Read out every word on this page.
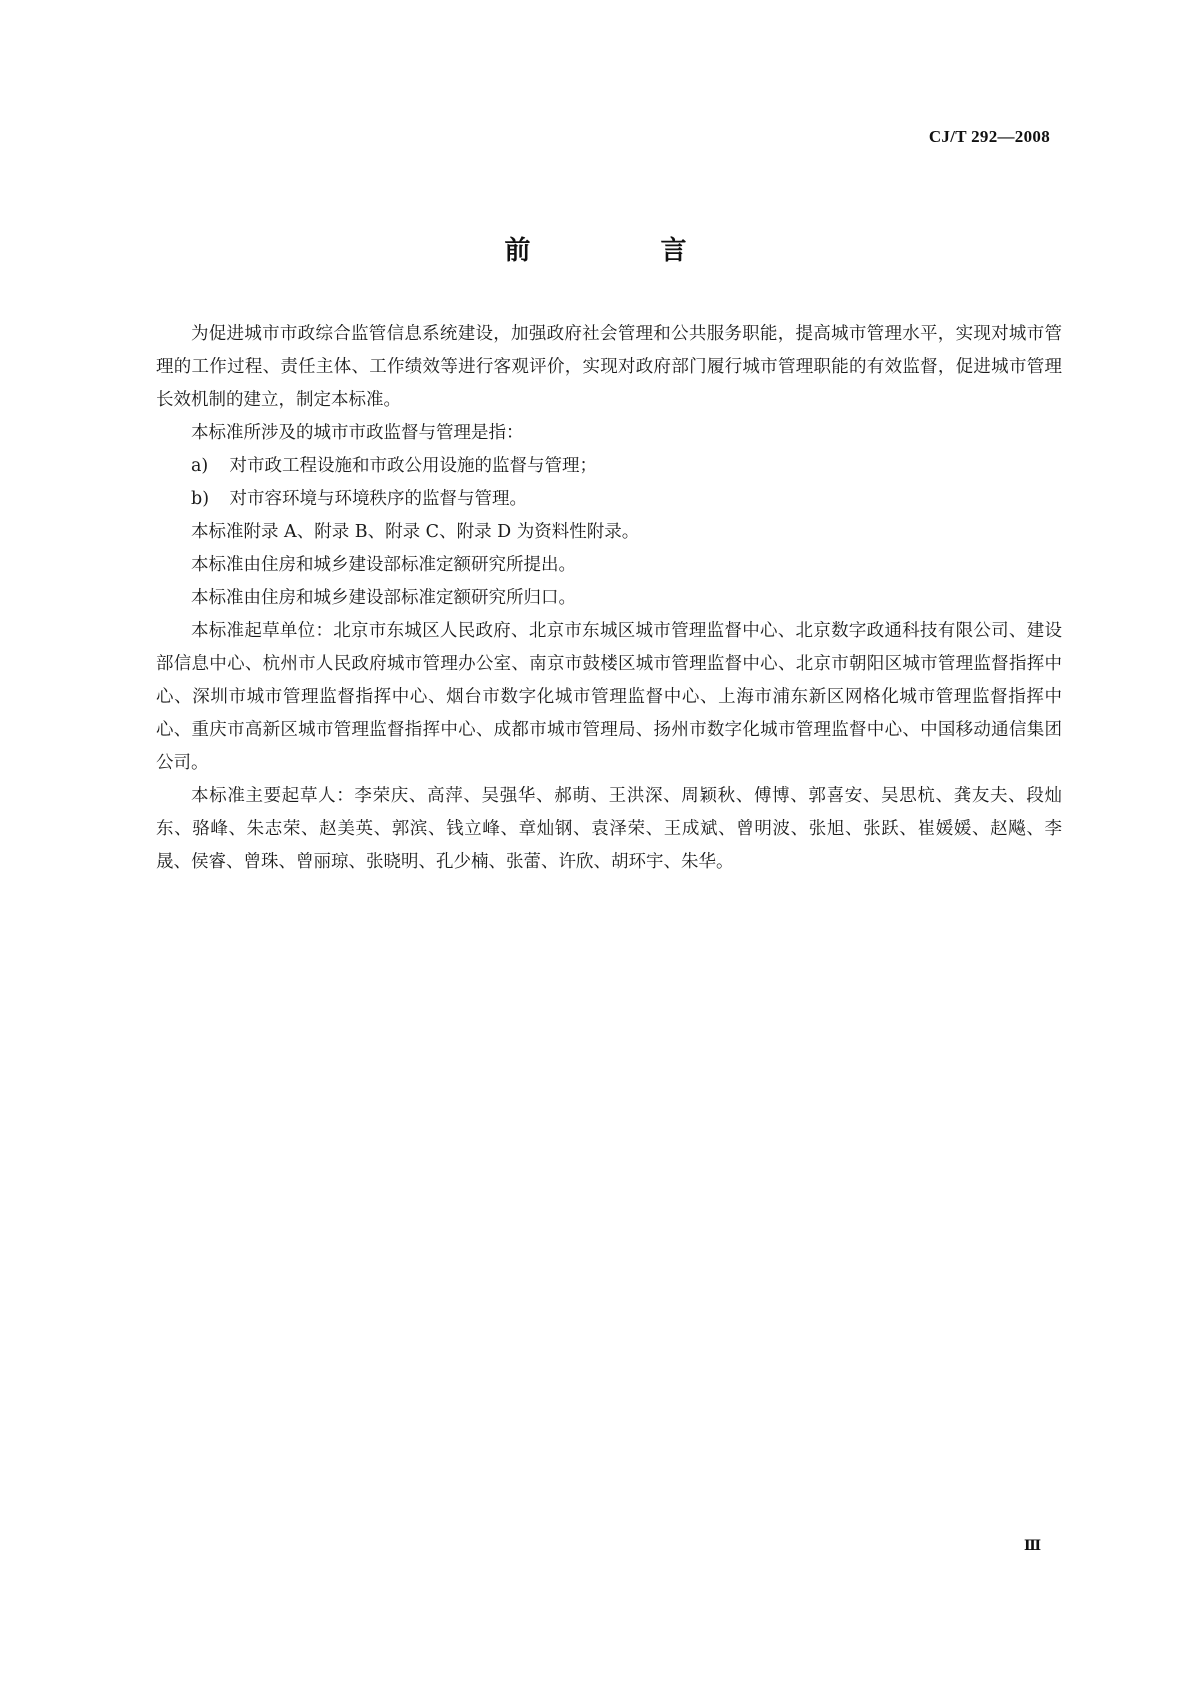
CJ/T 292—2008
前　言

为促进城市市政综合监管信息系统建设，加强政府社会管理和公共服务职能，提高城市管理水平，实现对城市管理的工作过程、责任主体、工作绩效等进行客观评价，实现对政府部门履行城市管理职能的有效监督，促进城市管理长效机制的建立，制定本标准。

本标准所涉及的城市市政监督与管理是指：

a) 对市政工程设施和市政公用设施的监督与管理；

b) 对市容环境与环境秩序的监督与管理。

本标准附录 A、附录 B、附录 C、附录 D 为资料性附录。

本标准由住房和城乡建设部标准定额研究所提出。

本标准由住房和城乡建设部标准定额研究所归口。

本标准起草单位：北京市东城区人民政府、北京市东城区城市管理监督中心、北京数字政通科技有限公司、建设部信息中心、杭州市人民政府城市管理办公室、南京市鼓楼区城市管理监督中心、北京市朝阳区城市管理监督指挥中心、深圳市城市管理监督指挥中心、烟台市数字化城市管理监督中心、上海市浦东新区网格化城市管理监督指挥中心、重庆市高新区城市管理监督指挥中心、成都市城市管理局、扬州市数字化城市管理监督中心、中国移动通信集团公司。

本标准主要起草人：李荣庆、高萍、吴强华、郝萌、王洪深、周颖秋、傅博、郭喜安、吴思杭、龚友夫、段灿东、骆峰、朱志荣、赵美英、郭滨、钱立峰、章灿钢、袁泽荣、王成斌、曾明波、张旭、张跃、崔媛媛、赵飚、李晟、侯睿、曾珠、曾丽琼、张晓明、孔少楠、张蕾、许欣、胡环宇、朱华。

Ⅲ
